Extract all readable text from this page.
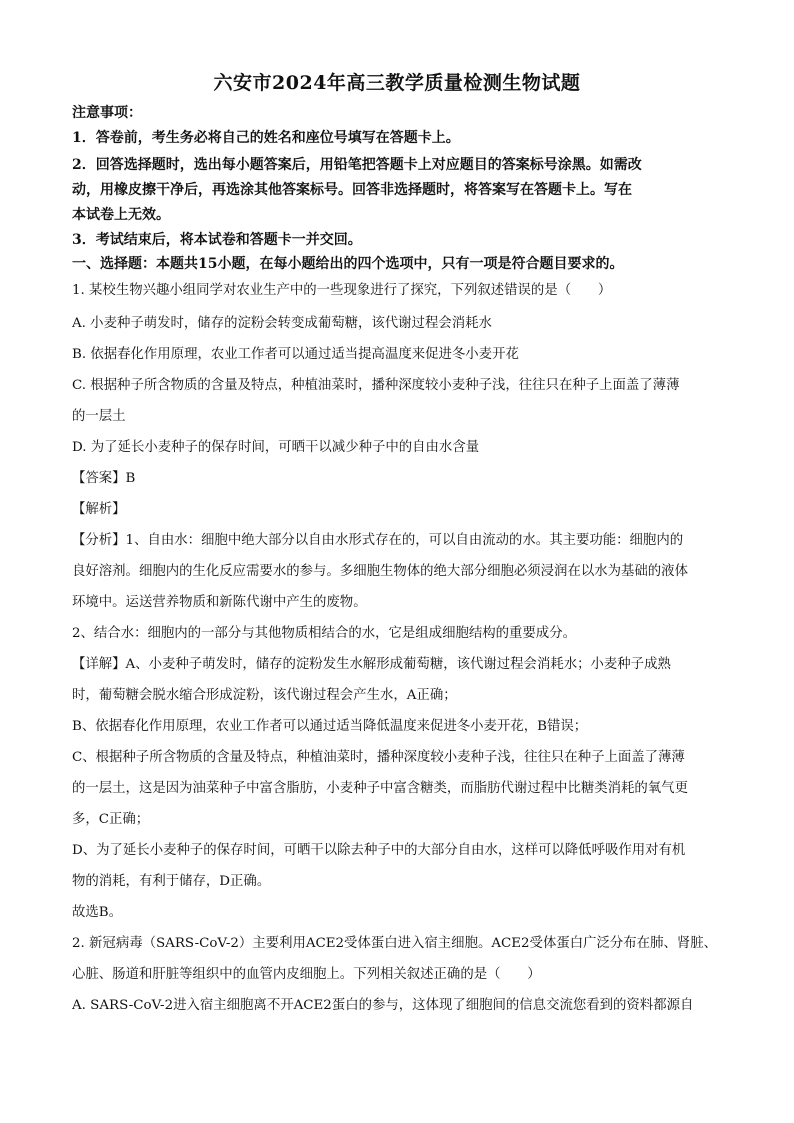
六安市2024年高三教学质量检测生物试题
注意事项：
1．答卷前，考生务必将自己的姓名和座位号填写在答题卡上。
2．回答选择题时，选出每小题答案后，用铅笔把答题卡上对应题目的答案标号涂黑。如需改
动，用橡皮擦干净后，再选涂其他答案标号。回答非选择题时，将答案写在答题卡上。写在
本试卷上无效。
3．考试结束后，将本试卷和答题卡一并交回。
一、选择题：本题共15小题，在每小题给出的四个选项中，只有一项是符合题目要求的。
1. 某校生物兴趣小组同学对农业生产中的一些现象进行了探究，下列叙述错误的是（　　）
A. 小麦种子萌发时，储存的淀粉会转变成葡萄糖，该代谢过程会消耗水
B. 依据春化作用原理，农业工作者可以通过适当提高温度来促进冬小麦开花
C. 根据种子所含物质的含量及特点，种植油菜时，播种深度较小麦种子浅，往往只在种子上面盖了薄薄
的一层土
D. 为了延长小麦种子的保存时间，可晒干以减少种子中的自由水含量
【答案】B
【解析】
【分析】1、自由水：细胞中绝大部分以自由水形式存在的，可以自由流动的水。其主要功能：细胞内的
良好溶剂。细胞内的生化反应需要水的参与。多细胞生物体的绝大部分细胞必须浸润在以水为基础的液体
环境中。运送营养物质和新陈代谢中产生的废物。
2、结合水：细胞内的一部分与其他物质相结合的水，它是组成细胞结构的重要成分。
【详解】A、小麦种子萌发时，储存的淀粉发生水解形成葡萄糖，该代谢过程会消耗水；小麦种子成熟
时，葡萄糖会脱水缩合形成淀粉，该代谢过程会产生水，A正确；
B、依据春化作用原理，农业工作者可以通过适当降低温度来促进冬小麦开花，B错误；
C、根据种子所含物质的含量及特点，种植油菜时，播种深度较小麦种子浅，往往只在种子上面盖了薄薄
的一层土，这是因为油菜种子中富含脂肪，小麦种子中富含糖类，而脂肪代谢过程中比糖类消耗的氧气更
多，C正确；
D、为了延长小麦种子的保存时间，可晒干以除去种子中的大部分自由水，这样可以降低呼吸作用对有机
物的消耗，有利于储存，D正确。
故选B。
2. 新冠病毒（SARS-CoV-2）主要利用ACE2受体蛋白进入宿主细胞。ACE2受体蛋白广泛分布在肺、肾脏、
心脏、肠道和肝脏等组织中的血管内皮细胞上。下列相关叙述正确的是（　　）
A. SARS-CoV-2进入宿主细胞离不开ACE2蛋白的参与，这体现了细胞间的信息交流您看到的资料都源自
